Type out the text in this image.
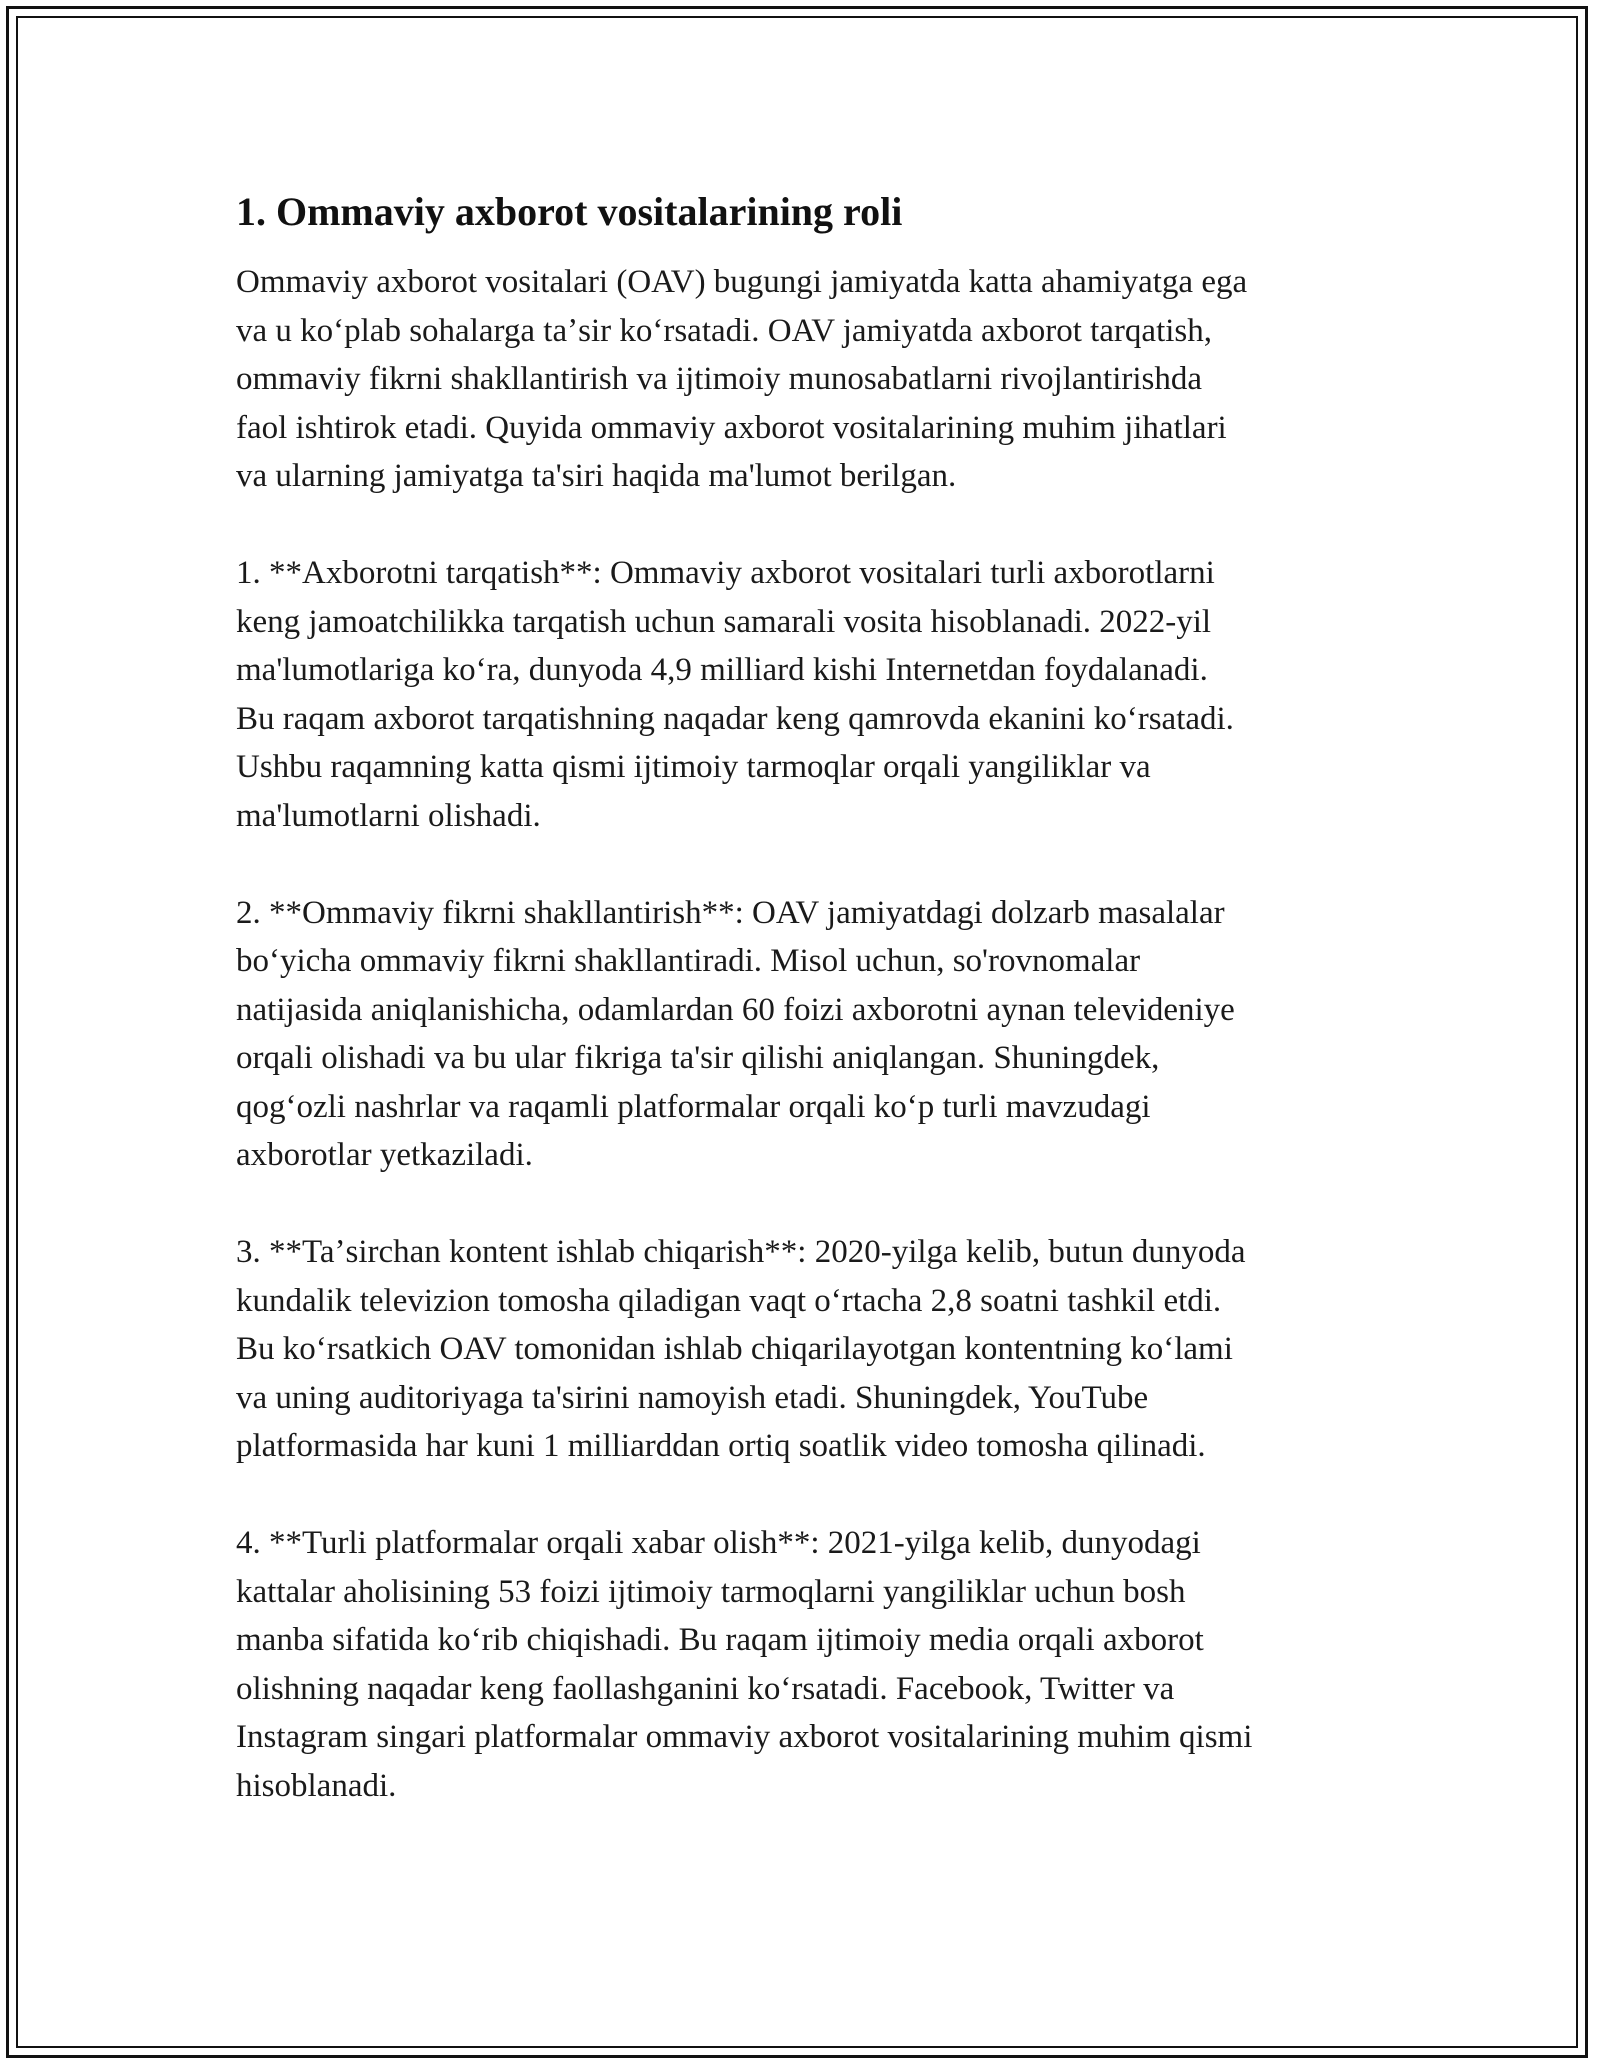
1. Ommaviy axborot vositalarining roli
Ommaviy axborot vositalari (OAV) bugungi jamiyatda katta ahamiyatga ega
va u koʻplab sohalarga taʼsir koʻrsatadi. OAV jamiyatda axborot tarqatish,
ommaviy fikrni shakllantirish va ijtimoiy munosabatlarni rivojlantirishda
faol ishtirok etadi. Quyida ommaviy axborot vositalarining muhim jihatlari
va ularning jamiyatga ta'siri haqida ma'lumot berilgan.
1. **Axborotni tarqatish**: Ommaviy axborot vositalari turli axborotlarni
keng jamoatchilikka tarqatish uchun samarali vosita hisoblanadi. 2022-yil
ma'lumotlariga koʻra, dunyoda 4,9 milliard kishi Internetdan foydalanadi.
Bu raqam axborot tarqatishning naqadar keng qamrovda ekanini koʻrsatadi.
Ushbu raqamning katta qismi ijtimoiy tarmoqlar orqali yangiliklar va
ma'lumotlarni olishadi.
2. **Ommaviy fikrni shakllantirish**: OAV jamiyatdagi dolzarb masalalar
boʻyicha ommaviy fikrni shakllantiradi. Misol uchun, so'rovnomalar
natijasida aniqlanishicha, odamlardan 60 foizi axborotni aynan televideniye
orqali olishadi va bu ular fikriga ta'sir qilishi aniqlangan. Shuningdek,
qogʻozli nashrlar va raqamli platformalar orqali koʻp turli mavzudagi
axborotlar yetkaziladi.
3. **Taʼsirchan kontent ishlab chiqarish**: 2020-yilga kelib, butun dunyoda
kundalik televizion tomosha qiladigan vaqt oʻrtacha 2,8 soatni tashkil etdi.
Bu koʻrsatkich OAV tomonidan ishlab chiqarilayotgan kontentning koʻlami
va uning auditoriyaga ta'sirini namoyish etadi. Shuningdek, YouTube
platformasida har kuni 1 milliarddan ortiq soatlik video tomosha qilinadi.
4. **Turli platformalar orqali xabar olish**: 2021-yilga kelib, dunyodagi
kattalar aholisining 53 foizi ijtimoiy tarmoqlarni yangiliklar uchun bosh
manba sifatida koʻrib chiqishadi. Bu raqam ijtimoiy media orqali axborot
olishning naqadar keng faollashganini koʻrsatadi. Facebook, Twitter va
Instagram singari platformalar ommaviy axborot vositalarining muhim qismi
hisoblanadi.
